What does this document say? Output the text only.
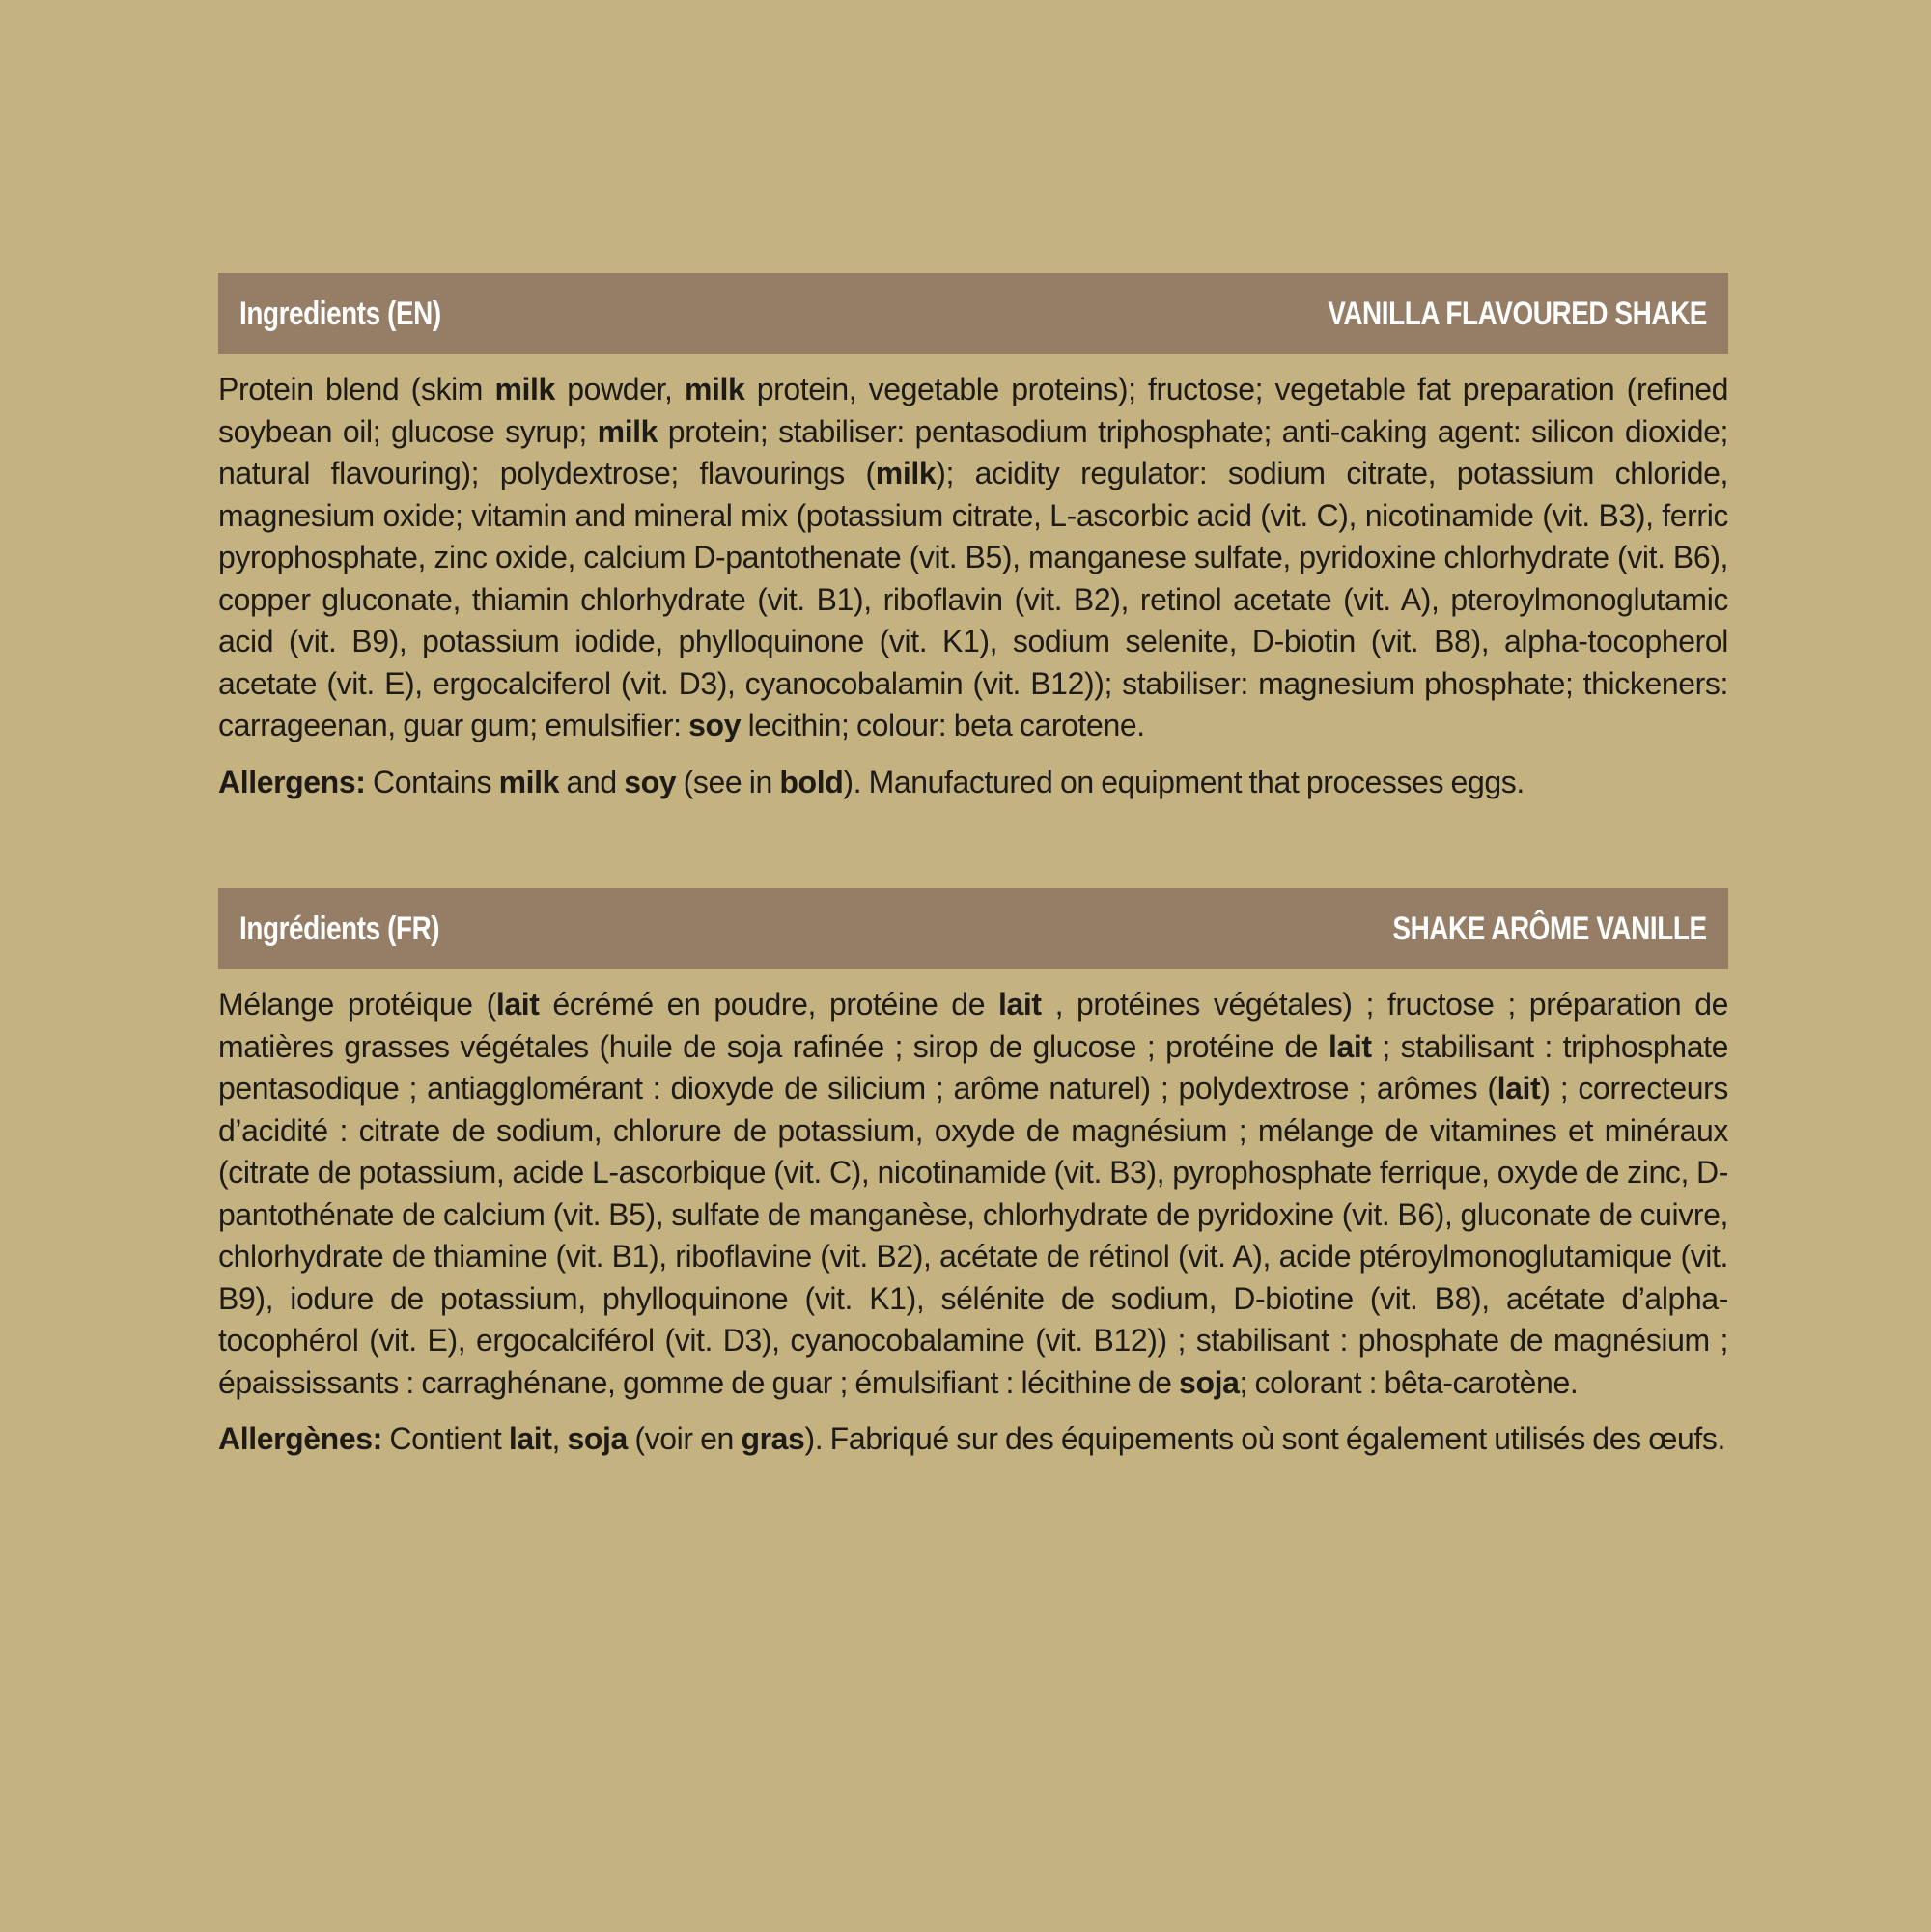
Ingredients (EN)	VANILLA FLAVOURED SHAKE

Protein blend (skim milk powder, milk protein, vegetable proteins); fructose; vegetable fat preparation (refined soybean oil; glucose syrup; milk protein; stabiliser: pentasodium triphosphate; anti-caking agent: silicon dioxide; natural flavouring); polydextrose; flavourings (milk); acidity regulator: sodium citrate, potassium chloride, magnesium oxide; vitamin and mineral mix (potassium citrate, L-ascorbic acid (vit. C), nicotinamide (vit. B3), ferric pyrophosphate, zinc oxide, calcium D-pantothenate (vit. B5), manganese sulfate, pyridoxine chlorhydrate (vit. B6), copper gluconate, thiamin chlorhydrate (vit. B1), riboflavin (vit. B2), retinol acetate (vit. A), pteroylmonoglutamic acid (vit. B9), potassium iodide, phylloquinone (vit. K1), sodium selenite, D-biotin (vit. B8), alpha-tocopherol acetate (vit. E), ergocalciferol (vit. D3), cyanocobalamin (vit. B12)); stabiliser: magnesium phosphate; thickeners: carrageenan, guar gum; emulsifier: soy lecithin; colour: beta carotene.

Allergens: Contains milk and soy (see in bold). Manufactured on equipment that processes eggs.

Ingrédients (FR)	SHAKE ARÔME VANILLE

Mélange protéique (lait écrémé en poudre, protéine de lait , protéines végétales) ; fructose ; préparation de matières grasses végétales (huile de soja rafinée ; sirop de glucose ; protéine de lait ; stabilisant : triphosphate pentasodique ; antiagglomérant : dioxyde de silicium ; arôme naturel) ; polydextrose ; arômes (lait) ; correcteurs d’acidité : citrate de sodium, chlorure de potassium, oxyde de magnésium ; mélange de vitamines et minéraux (citrate de potassium, acide L-ascorbique (vit. C), nicotinamide (vit. B3), pyrophosphate ferrique, oxyde de zinc, D-pantothénate de calcium (vit. B5), sulfate de manganèse, chlorhydrate de pyridoxine (vit. B6), gluconate de cuivre, chlorhydrate de thiamine (vit. B1), riboflavine (vit. B2), acétate de rétinol (vit. A), acide ptéroylmonoglutamique (vit. B9), iodure de potassium, phylloquinone (vit. K1), sélénite de sodium, D-biotine (vit. B8), acétate d’alpha-tocophérol (vit. E), ergocalciférol (vit. D3), cyanocobalamine (vit. B12)) ; stabilisant : phosphate de magnésium ; épaississants : carraghénane, gomme de guar ; émulsifiant : lécithine de soja; colorant : bêta-carotène.

Allergènes: Contient lait, soja (voir en gras). Fabriqué sur des équipements où sont également utilisés des œufs.
